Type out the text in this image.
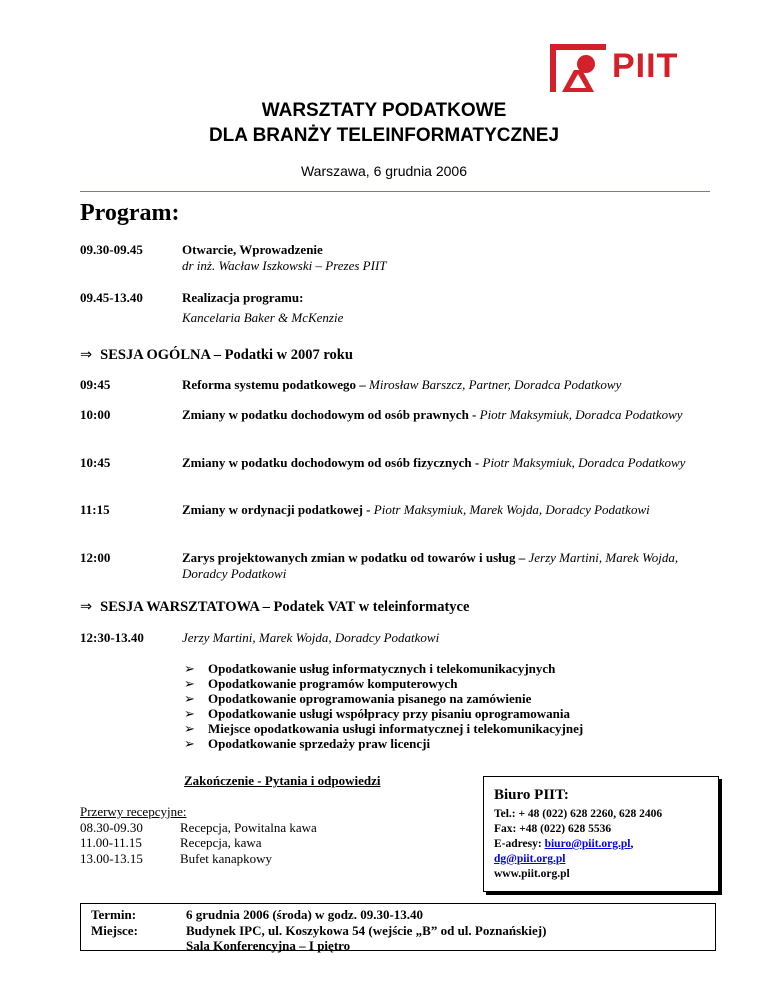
PIIT
WARSZTATY PODATKOWE
DLA BRANŻY TELEINFORMATYCZNEJ
Warszawa, 6 grudnia 2006
Program:
09.30-09.45	Otwarcie, Wprowadzenie
dr inż. Wacław Iszkowski – Prezes PIIT
09.45-13.40	Realizacja programu:
Kancelaria Baker & McKenzie
⇒ SESJA OGÓLNA – Podatki w 2007 roku
09:45	Reforma systemu podatkowego – Mirosław Barszcz, Partner, Doradca Podatkowy
10:00	Zmiany w podatku dochodowym od osób prawnych - Piotr Maksymiuk, Doradca Podatkowy
10:45	Zmiany w podatku dochodowym od osób fizycznych - Piotr Maksymiuk, Doradca Podatkowy
11:15	Zmiany w ordynacji podatkowej - Piotr Maksymiuk, Marek Wojda, Doradcy Podatkowi
12:00	Zarys projektowanych zmian w podatku od towarów i usług – Jerzy Martini, Marek Wojda, Doradcy Podatkowi
⇒ SESJA WARSZTATOWA – Podatek VAT w teleinformatyce
12:30-13.40	Jerzy Martini, Marek Wojda, Doradcy Podatkowi
➢ Opodatkowanie usług informatycznych i telekomunikacyjnych
➢ Opodatkowanie programów komputerowych
➢ Opodatkowanie oprogramowania pisanego na zamówienie
➢ Opodatkowanie usługi współpracy przy pisaniu oprogramowania
➢ Miejsce opodatkowania usługi informatycznej i telekomunikacyjnej
➢ Opodatkowanie sprzedaży praw licencji
Zakończenie - Pytania i odpowiedzi
Przerwy recepcyjne:
08.30-09.30	Recepcja, Powitalna kawa
11.00-11.15	Recepcja, kawa
13.00-13.15	Bufet kanapkowy
Biuro PIIT:
Tel.: + 48 (022) 628 2260, 628 2406
Fax: +48 (022) 628 5536
E-adresy: biuro@piit.org.pl,
dg@piit.org.pl
www.piit.org.pl
Termin:	6 grudnia 2006 (środa) w godz. 09.30-13.40
Miejsce:	Budynek IPC, ul. Koszykowa 54 (wejście „B” od ul. Poznańskiej)
Sala Konferencyjna – I piętro
